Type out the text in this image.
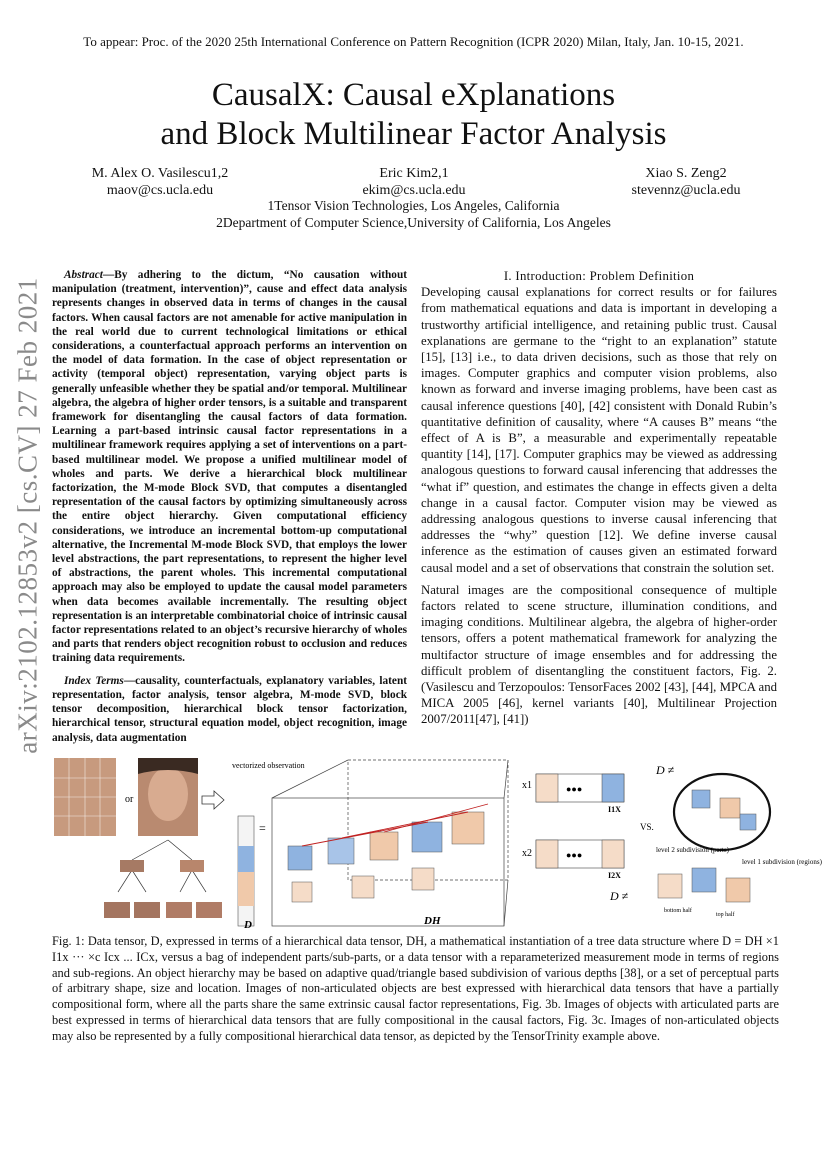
To appear: Proc. of the 2020 25th International Conference on Pattern Recognition (ICPR 2020) Milan, Italy, Jan. 10-15, 2021.
CausalX: Causal eXplanations
and Block Multilinear Factor Analysis
M. Alex O. Vasilescu1,2
maov@cs.ucla.edu
Eric Kim2,1
ekim@cs.ucla.edu
Xiao S. Zeng2
stevennz@ucla.edu
1Tensor Vision Technologies, Los Angeles, California
2Department of Computer Science,University of California, Los Angeles
arXiv:2102.12853v2 [cs.CV] 27 Feb 2021

Abstract—By adhering to the dictum, “No causation without manipulation (treatment, intervention)”, cause and effect data analysis represents changes in observed data in terms of changes in the causal factors. When causal factors are not amenable for active manipulation in the real world due to current technological limitations or ethical considerations, a counterfactual approach performs an intervention on the model of data formation. In the case of object representation or activity (temporal object) representation, varying object parts is generally unfeasible whether they be spatial and/or temporal. Multilinear algebra, the algebra of higher order tensors, is a suitable and transparent framework for disentangling the causal factors of data formation. Learning a part-based intrinsic causal factor representations in a multilinear framework requires applying a set of interventions on a part-based multilinear model. We propose a unified multilinear model of wholes and parts. We derive a hierarchical block multilinear factorization, the M-mode Block SVD, that computes a disentangled representation of the causal factors by optimizing simultaneously across the entire object hierarchy. Given computational efficiency considerations, we introduce an incremental bottom-up computational alternative, the Incremental M-mode Block SVD, that employs the lower level abstractions, the part representations, to represent the higher level of abstractions, the parent wholes. This incremental computational approach may also be employed to update the causal model parameters when data becomes available incrementally. The resulting object representation is an interpretable combinatorial choice of intrinsic causal factor representations related to an object’s recursive hierarchy of wholes and parts that renders object recognition robust to occlusion and reduces training data requirements.

Index Terms—causality, counterfactuals, explanatory variables, latent representation, factor analysis, tensor algebra, M-mode SVD, block tensor decomposition, hierarchical block tensor factorization, hierarchical tensor, structural equation model, object recognition, image analysis, data augmentation

I. Introduction: Problem Definition

Developing causal explanations for correct results or for failures from mathematical equations and data is important in developing a trustworthy artificial intelligence, and retaining public trust. Causal explanations are germane to the “right to an explanation” statute [15], [13] i.e., to data driven decisions, such as those that rely on images. Computer graphics and computer vision problems, also known as forward and inverse imaging problems, have been cast as causal inference questions [40], [42] consistent with Donald Rubin’s quantitative definition of causality, where “A causes B” means “the effect of A is B”, a measurable and experimentally repeatable quantity [14], [17]. Computer graphics may be viewed as addressing analogous questions to forward causal inferencing that addresses the “what if” question, and estimates the change in effects given a delta change in a causal factor. Computer vision may be viewed as addressing analogous questions to inverse causal inferencing that addresses the “why” question [12]. We define inverse causal inference as the estimation of causes given an estimated forward causal model and a set of observations that constrain the solution set.

Natural images are the compositional consequence of multiple factors related to scene structure, illumination conditions, and imaging conditions. Multilinear algebra, the algebra of higher-order tensors, offers a potent mathematical framework for analyzing the multifactor structure of image ensembles and for addressing the difficult problem of disentangling the constituent factors, Fig. 2. (Vasilescu and Terzopoulos: TensorFaces 2002 [43], [44], MPCA and MICA 2005 [46], kernel variants [40], Multilinear Projection 2007/2011[47], [41])

or
vectorized observation
D
=
DH
x1	●●●
I1X
x2	●●●
I2X
VS.
D ≠
level 2 subdivision (parts)
D ≠
level 1 subdivision (regions)
bottom half
top half
Fig. 1: Data tensor, D, expressed in terms of a hierarchical data tensor, DH, a mathematical instantiation of a tree data structure where D = DH ×1 I1x ··· ×c Icx ... ICx, versus a bag of independent parts/sub-parts, or a data tensor with a reparameterized measurement mode in terms of regions and sub-regions. An object hierarchy may be based on adaptive quad/triangle based subdivision of various depths [38], or a set of perceptual parts of arbitrary shape, size and location. Images of non-articulated objects are best expressed with hierarchical data tensors that have a partially compositional form, where all the parts share the same extrinsic causal factor representations, Fig. 3b. Images of objects with articulated parts are best expressed in terms of hierarchical data tensors that are fully compositional in the causal factors, Fig. 3c. Images of non-articulated objects may also be represented by a fully compositional hierarchical data tensor, as depicted by the TensorTrinity example above.
